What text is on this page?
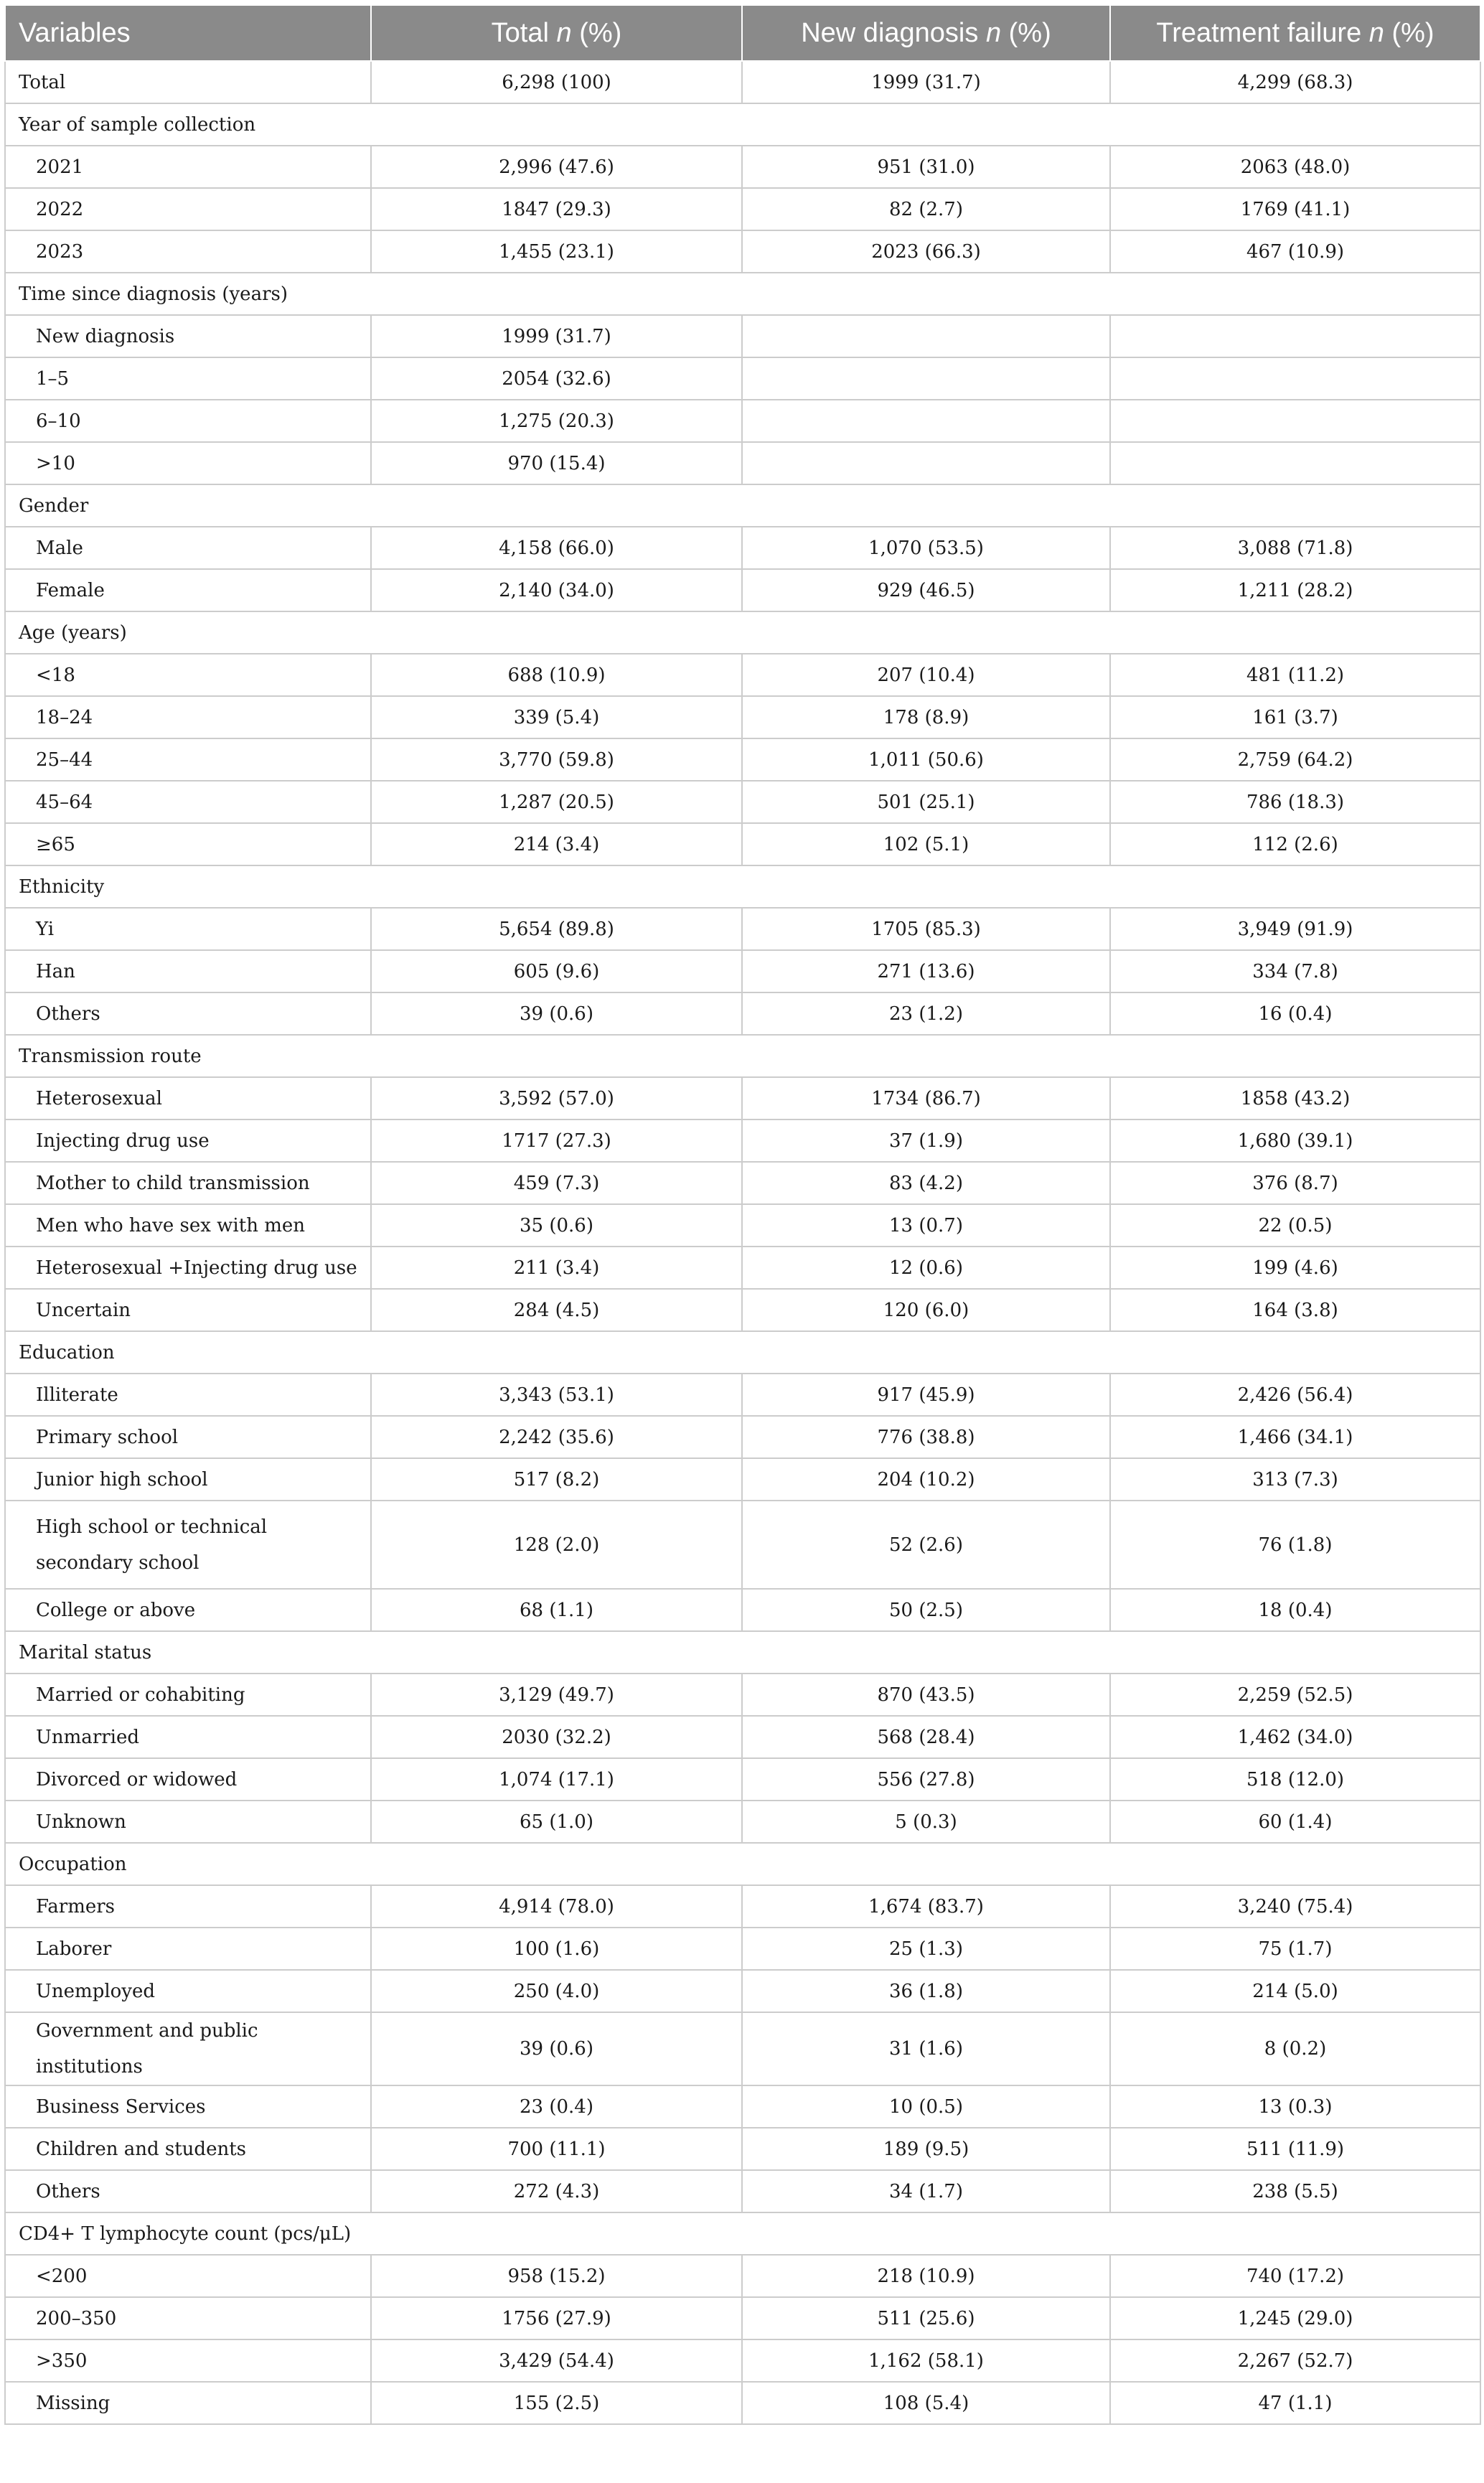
Variables	Total n (%)	New diagnosis n (%)	Treatment failure n (%)
Total	6,298 (100)	1999 (31.7)	4,299 (68.3)
Year of sample collection			
2021	2,996 (47.6)	951 (31.0)	2063 (48.0)
2022	1847 (29.3)	82 (2.7)	1769 (41.1)
2023	1,455 (23.1)	2023 (66.3)	467 (10.9)
Time since diagnosis (years)			
New diagnosis	1999 (31.7)		
1–5	2054 (32.6)		
6–10	1,275 (20.3)		
>10	970 (15.4)		
Gender			
Male	4,158 (66.0)	1,070 (53.5)	3,088 (71.8)
Female	2,140 (34.0)	929 (46.5)	1,211 (28.2)
Age (years)			
<18	688 (10.9)	207 (10.4)	481 (11.2)
18–24	339 (5.4)	178 (8.9)	161 (3.7)
25–44	3,770 (59.8)	1,011 (50.6)	2,759 (64.2)
45–64	1,287 (20.5)	501 (25.1)	786 (18.3)
≥65	214 (3.4)	102 (5.1)	112 (2.6)
Ethnicity			
Yi	5,654 (89.8)	1705 (85.3)	3,949 (91.9)
Han	605 (9.6)	271 (13.6)	334 (7.8)
Others	39 (0.6)	23 (1.2)	16 (0.4)
Transmission route			
Heterosexual	3,592 (57.0)	1734 (86.7)	1858 (43.2)
Injecting drug use	1717 (27.3)	37 (1.9)	1,680 (39.1)
Mother to child transmission	459 (7.3)	83 (4.2)	376 (8.7)
Men who have sex with men	35 (0.6)	13 (0.7)	22 (0.5)
Heterosexual +Injecting drug use	211 (3.4)	12 (0.6)	199 (4.6)
Uncertain	284 (4.5)	120 (6.0)	164 (3.8)
Education			
Illiterate	3,343 (53.1)	917 (45.9)	2,426 (56.4)
Primary school	2,242 (35.6)	776 (38.8)	1,466 (34.1)
Junior high school	517 (8.2)	204 (10.2)	313 (7.3)
High school or technical secondary school	128 (2.0)	52 (2.6)	76 (1.8)
College or above	68 (1.1)	50 (2.5)	18 (0.4)
Marital status			
Married or cohabiting	3,129 (49.7)	870 (43.5)	2,259 (52.5)
Unmarried	2030 (32.2)	568 (28.4)	1,462 (34.0)
Divorced or widowed	1,074 (17.1)	556 (27.8)	518 (12.0)
Unknown	65 (1.0)	5 (0.3)	60 (1.4)
Occupation			
Farmers	4,914 (78.0)	1,674 (83.7)	3,240 (75.4)
Laborer	100 (1.6)	25 (1.3)	75 (1.7)
Unemployed	250 (4.0)	36 (1.8)	214 (5.0)
Government and public institutions	39 (0.6)	31 (1.6)	8 (0.2)
Business Services	23 (0.4)	10 (0.5)	13 (0.3)
Children and students	700 (11.1)	189 (9.5)	511 (11.9)
Others	272 (4.3)	34 (1.7)	238 (5.5)
CD4+ T lymphocyte count (pcs/μL)			
<200	958 (15.2)	218 (10.9)	740 (17.2)
200–350	1756 (27.9)	511 (25.6)	1,245 (29.0)
>350	3,429 (54.4)	1,162 (58.1)	2,267 (52.7)
Missing	155 (2.5)	108 (5.4)	47 (1.1)
